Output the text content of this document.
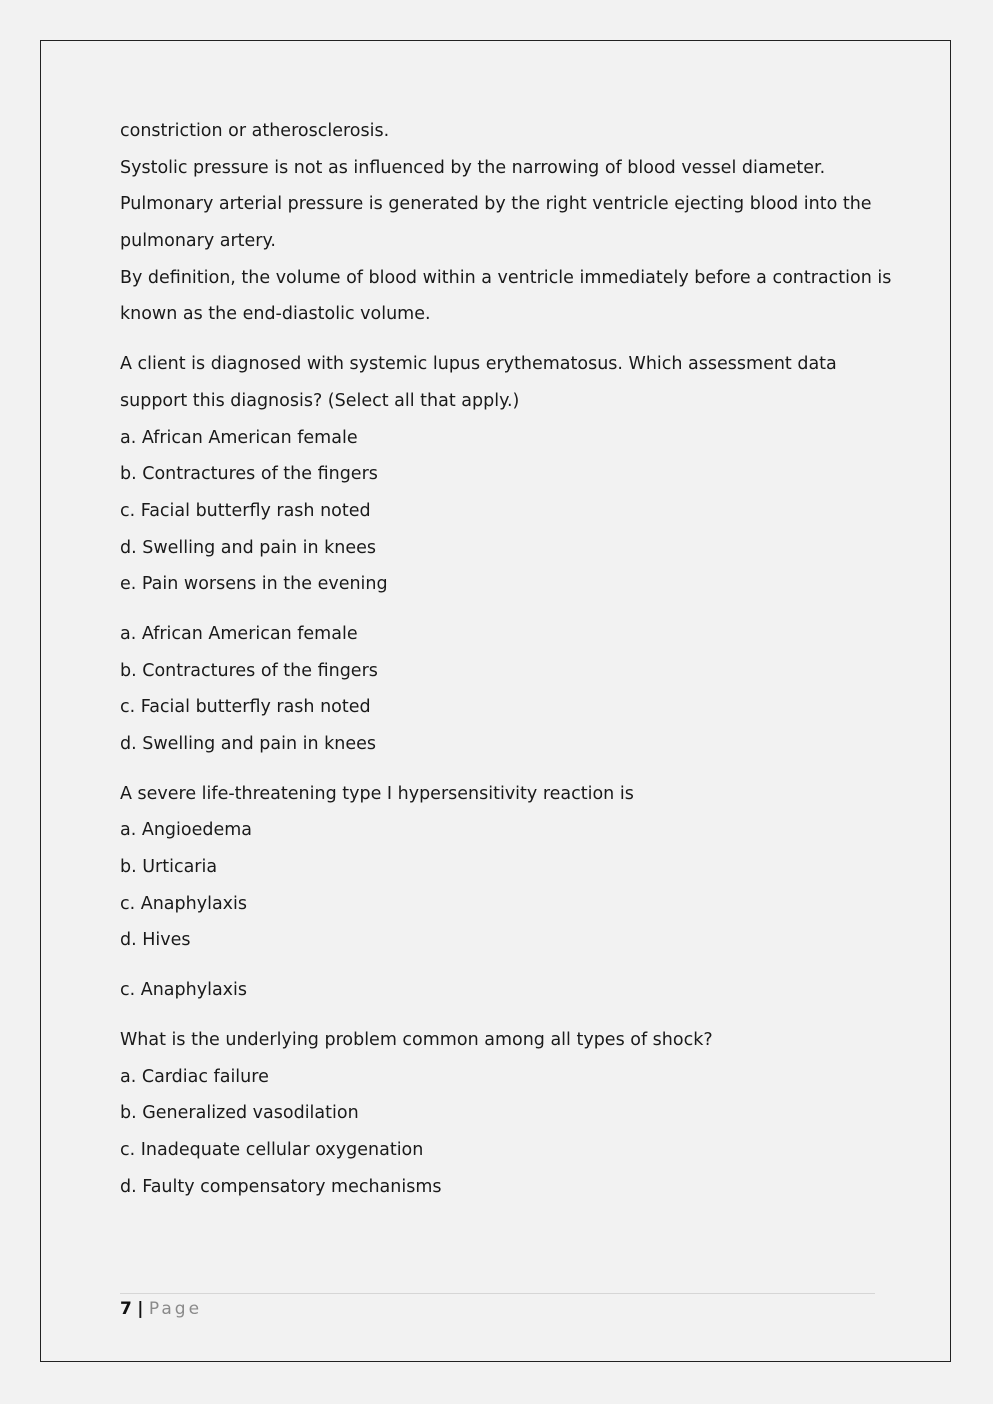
constriction or atherosclerosis.
Systolic pressure is not as influenced by the narrowing of blood vessel diameter.
Pulmonary arterial pressure is generated by the right ventricle ejecting blood into the
pulmonary artery.
By definition, the volume of blood within a ventricle immediately before a contraction is
known as the end-diastolic volume.
A client is diagnosed with systemic lupus erythematosus. Which assessment data
support this diagnosis? (Select all that apply.)
a. African American female
b. Contractures of the fingers
c. Facial butterfly rash noted
d. Swelling and pain in knees
e. Pain worsens in the evening
a. African American female
b. Contractures of the fingers
c. Facial butterfly rash noted
d. Swelling and pain in knees
A severe life-threatening type I hypersensitivity reaction is
a. Angioedema
b. Urticaria
c. Anaphylaxis
d. Hives
c. Anaphylaxis
What is the underlying problem common among all types of shock?
a. Cardiac failure
b. Generalized vasodilation
c. Inadequate cellular oxygenation
d. Faulty compensatory mechanisms
7 | Page
